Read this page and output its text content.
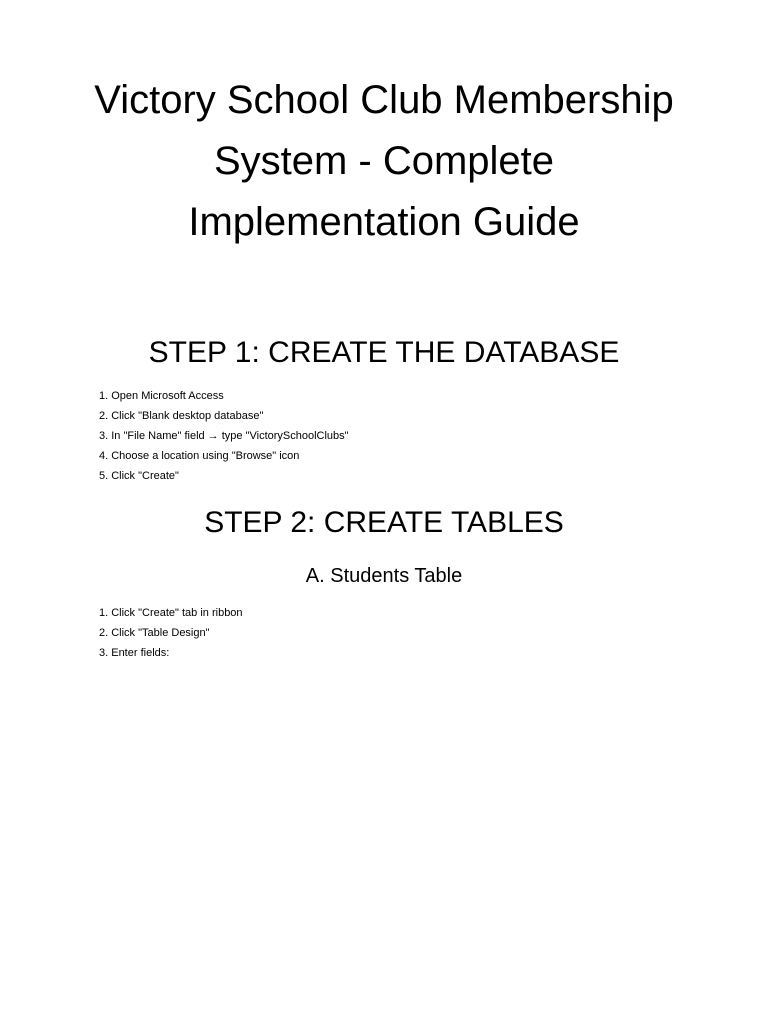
Victory School Club Membership System - Complete Implementation Guide
STEP 1: CREATE THE DATABASE
1. Open Microsoft Access
2. Click "Blank desktop database"
3. In "File Name" field → type "VictorySchoolClubs"
4. Choose a location using "Browse" icon
5. Click "Create"
STEP 2: CREATE TABLES
A. Students Table
1. Click "Create" tab in ribbon
2. Click "Table Design"
3. Enter fields:
